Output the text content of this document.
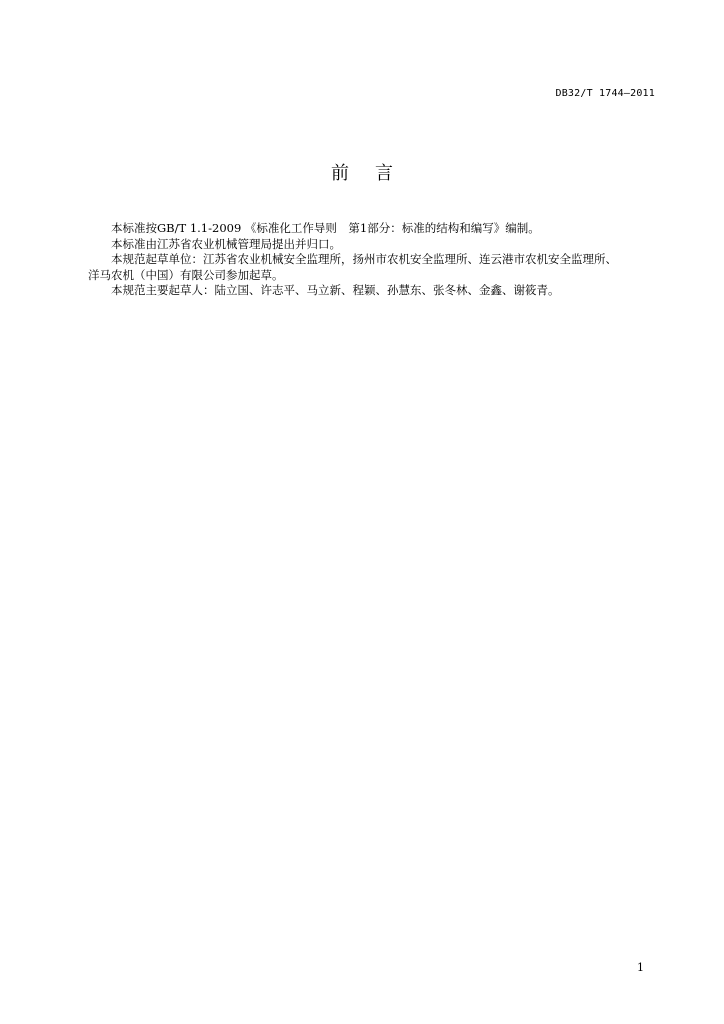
DB32/T 1744—2011
前言

本标准按GB/T 1.1-2009 《标准化工作导则　第1部分：标准的结构和编写》编制。

本标准由江苏省农业机械管理局提出并归口。

本规范起草单位：江苏省农业机械安全监理所，扬州市农机安全监理所、连云港市农机安全监理所、

洋马农机（中国）有限公司参加起草。

本规范主要起草人：陆立国、许志平、马立新、程颖、孙慧东、张冬林、金鑫、谢筱青。

1
